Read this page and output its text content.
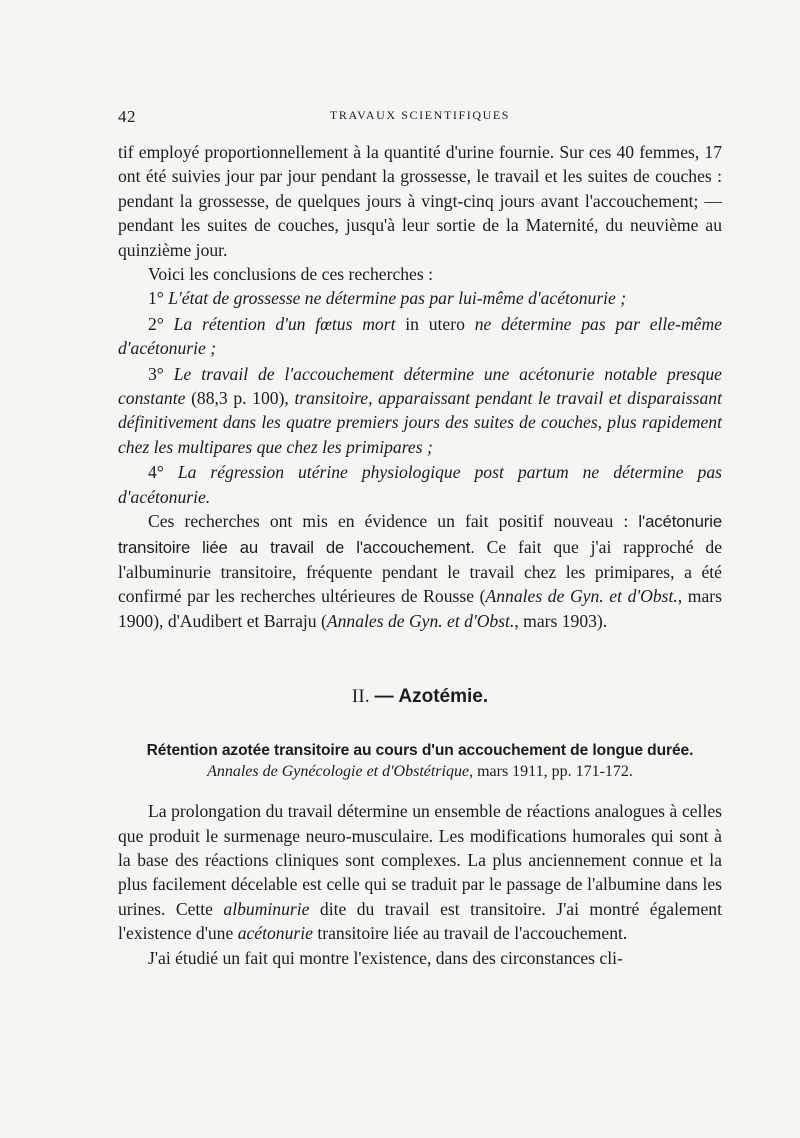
42	TRAVAUX SCIENTIFIQUES

tif employé proportionnellement à la quantité d'urine fournie. Sur ces 40 femmes, 17 ont été suivies jour par jour pendant la grossesse, le travail et les suites de couches : pendant la grossesse, de quelques jours à vingt-cinq jours avant l'accouchement; — pendant les suites de couches, jusqu'à leur sortie de la Maternité, du neuvième au quinzième jour.

Voici les conclusions de ces recherches :

1° L'état de grossesse ne détermine pas par lui-même d'acétonurie ;

2° La rétention d'un fœtus mort in utero ne détermine pas par elle-même d'acétonurie ;

3° Le travail de l'accouchement détermine une acétonurie notable presque constante (88,3 p. 100), transitoire, apparaissant pendant le travail et disparaissant définitivement dans les quatre premiers jours des suites de couches, plus rapidement chez les multipares que chez les primipares ;

4° La régression utérine physiologique post partum ne détermine pas d'acétonurie.

Ces recherches ont mis en évidence un fait positif nouveau : l'acétonurie transitoire liée au travail de l'accouchement. Ce fait que j'ai rapproché de l'albuminurie transitoire, fréquente pendant le travail chez les primipares, a été confirmé par les recherches ultérieures de Rousse (Annales de Gyn. et d'Obst., mars 1900), d'Audibert et Barraju (Annales de Gyn. et d'Obst., mars 1903).

II. — Azotémie.
Rétention azotée transitoire au cours d'un accouchement de longue durée.
Annales de Gynécologie et d'Obstétrique, mars 1911, pp. 171-172.

La prolongation du travail détermine un ensemble de réactions analogues à celles que produit le surmenage neuro-musculaire. Les modifications humorales qui sont à la base des réactions cliniques sont complexes. La plus anciennement connue et la plus facilement décelable est celle qui se traduit par le passage de l'albumine dans les urines. Cette albuminurie dite du travail est transitoire. J'ai montré également l'existence d'une acétonurie transitoire liée au travail de l'accouchement.

J'ai étudié un fait qui montre l'existence, dans des circonstances cli-
